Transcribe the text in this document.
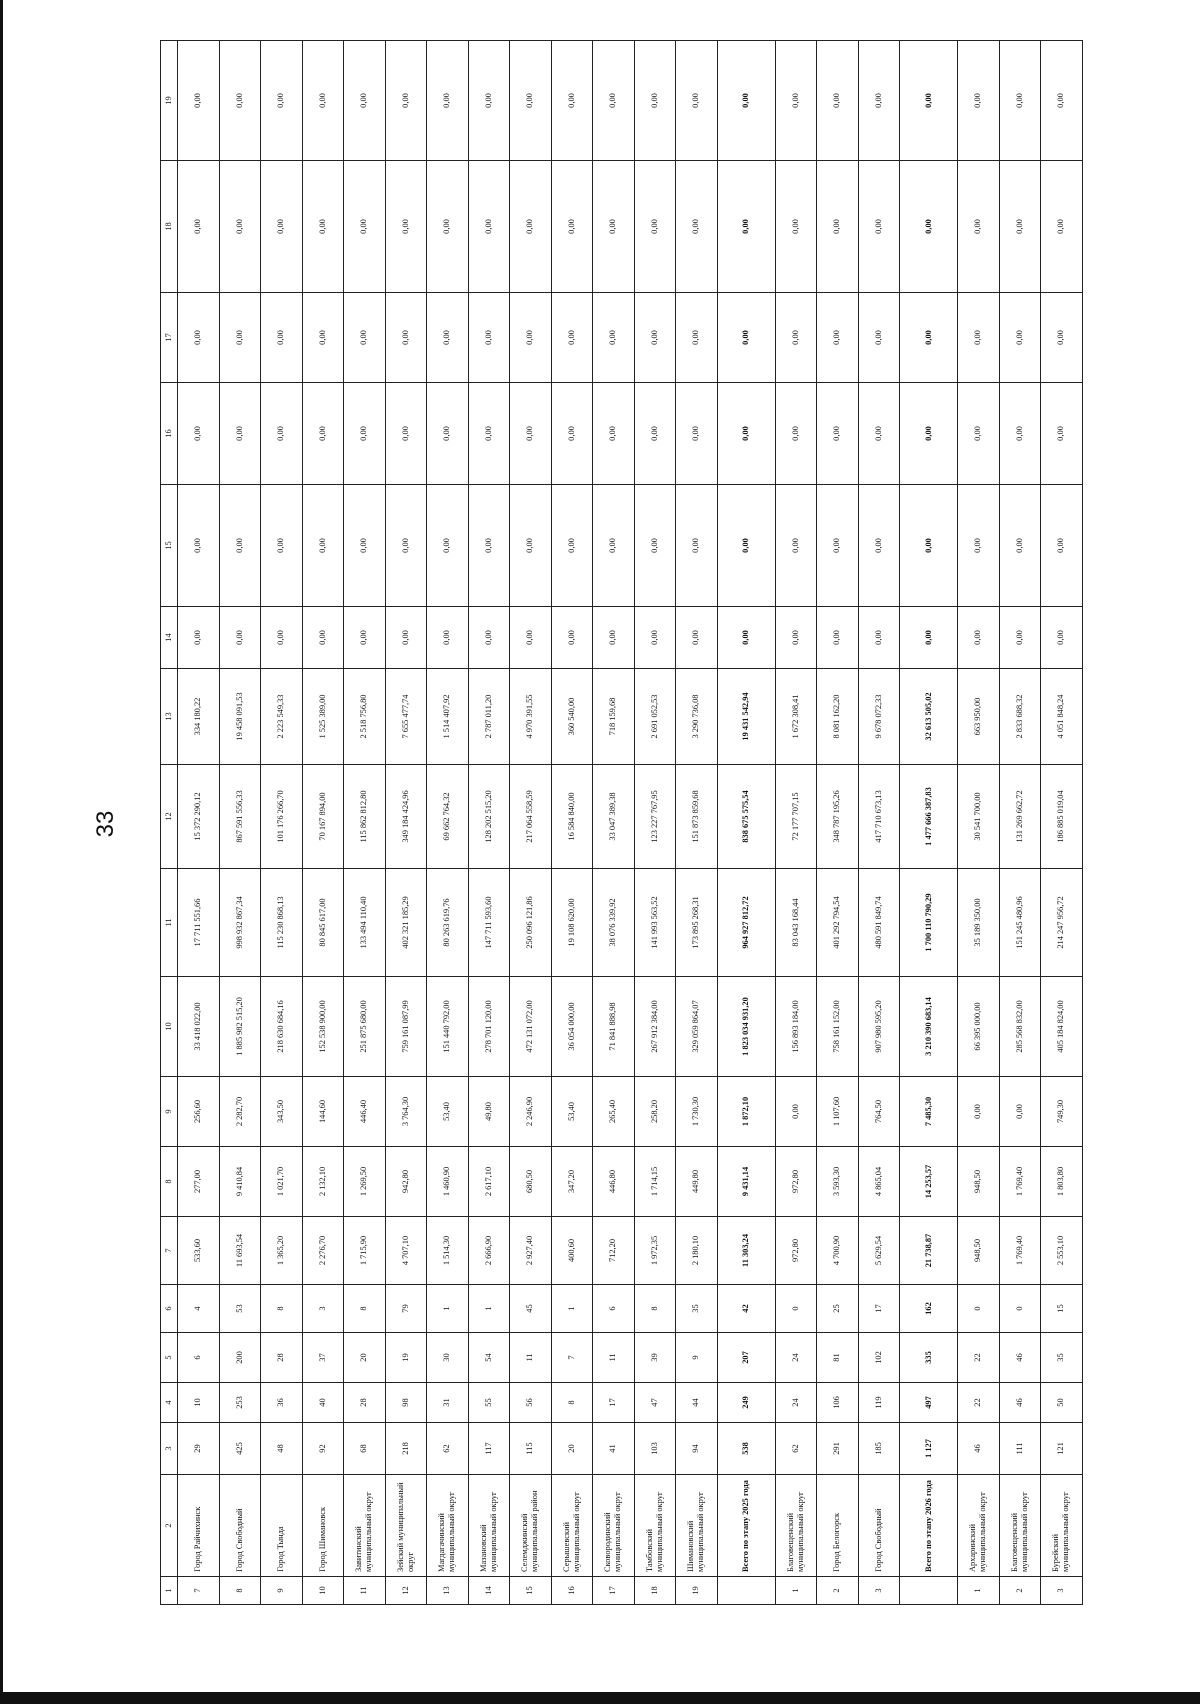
33
1	2	3	4	5	6	7	8	9	10	11	12	13	14	15	16	17	18	19
7	Город Райчихинск	29	10	6	4	533,60	277,00	256,60	33 418 022,00	17 711 551,66	15 372 290,12	334 180,22	0,00	0,00	0,00	0,00	0,00	0,00
8	Город Свободный	425	253	200	53	11 693,54	9 410,84	2 282,70	1 885 982 515,20	998 932 867,34	867 591 556,33	19 458 091,53	0,00	0,00	0,00	0,00	0,00	0,00
9	Город Тында	48	36	28	8	1 365,20	1 021,70	343,50	218 630 684,16	115 230 868,13	101 176 266,70	2 223 549,33	0,00	0,00	0,00	0,00	0,00	0,00
10	Город Шимановск	92	40	37	3	2 276,70	2 132,10	144,60	152 538 900,00	80 845 617,00	70 167 894,00	1 525 389,00	0,00	0,00	0,00	0,00	0,00	0,00
11	Завитинский муниципальный округ	68	28	20	8	1 715,90	1 269,50	446,40	251 875 680,00	133 494 110,40	115 862 812,80	2 518 756,80	0,00	0,00	0,00	0,00	0,00	0,00
12	Зейский муниципальный округ	218	98	19	79	4 707,10	942,80	3 764,30	759 161 087,99	402 321 185,29	349 184 424,96	7 655 477,74	0,00	0,00	0,00	0,00	0,00	0,00
13	Магдагачинский муниципальный округ	62	31	30	1	1 514,30	1 460,90	53,40	151 440 792,00	80 263 619,76	69 662 764,32	1 514 407,92	0,00	0,00	0,00	0,00	0,00	0,00
14	Мазановский муниципальный округ	117	55	54	1	2 666,90	2 617,10	49,80	278 701 120,00	147 711 593,60	128 202 515,20	2 787 011,20	0,00	0,00	0,00	0,00	0,00	0,00
15	Селемджинский муниципальный район	115	56	11	45	2 927,40	680,50	2 246,90	472 131 072,00	250 096 121,86	217 064 558,59	4 970 391,55	0,00	0,00	0,00	0,00	0,00	0,00
16	Серышевский муниципальный округ	20	8	7	1	400,60	347,20	53,40	36 054 000,00	19 108 620,00	16 584 840,00	360 540,00	0,00	0,00	0,00	0,00	0,00	0,00
17	Сковородинский муниципальный округ	41	17	11	6	712,20	446,80	265,40	71 841 888,98	38 076 339,92	33 047 389,38	718 159,68	0,00	0,00	0,00	0,00	0,00	0,00
18	Тамбовский муниципальный округ	103	47	39	8	1 972,35	1 714,15	258,20	267 912 384,00	141 993 563,52	123 227 767,95	2 691 052,53	0,00	0,00	0,00	0,00	0,00	0,00
19	Шимановский муниципальный округ	94	44	9	35	2 180,10	449,80	1 730,30	329 059 864,07	173 895 268,31	151 873 859,68	3 290 736,08	0,00	0,00	0,00	0,00	0,00	0,00
	Всего по этапу 2025 года	538	249	207	42	11 303,24	9 431,14	1 872,10	1 823 034 931,20	964 927 812,72	838 675 575,54	19 431 542,94	0,00	0,00	0,00	0,00	0,00	0,00
1	Благовещенский муниципальный округ	62	24	24	0	972,80	972,80	0,00	156 893 184,00	83 043 168,44	72 177 707,15	1 672 308,41	0,00	0,00	0,00	0,00	0,00	0,00
2	Город Белогорск	291	106	81	25	4 700,90	3 593,30	1 107,60	758 161 152,00	401 292 794,54	348 787 195,26	8 081 162,20	0,00	0,00	0,00	0,00	0,00	0,00
3	Город Свободный	185	119	102	17	5 629,54	4 865,04	764,50	907 980 595,20	480 591 849,74	417 710 673,13	9 678 072,33	0,00	0,00	0,00	0,00	0,00	0,00
	Всего по этапу 2026 года	1 127	497	335	162	21 738,87	14 253,57	7 485,30	3 210 390 683,14	1 700 110 790,29	1 477 666 387,83	32 613 505,02	0,00	0,00	0,00	0,00	0,00	0,00
1	Архаринский муниципальный округ	46	22	22	0	948,50	948,50	0,00	66 395 000,00	35 189 350,00	30 541 700,00	663 950,00	0,00	0,00	0,00	0,00	0,00	0,00
2	Благовещенский муниципальный округ	111	46	46	0	1 769,40	1 769,40	0,00	285 568 832,00	151 245 480,96	131 269 662,72	2 833 688,32	0,00	0,00	0,00	0,00	0,00	0,00
3	Бурейский муниципальный округ	121	50	35	15	2 553,10	1 803,80	749,30	405 184 824,00	214 247 956,72	186 885 019,04	4 051 848,24	0,00	0,00	0,00	0,00	0,00	0,00
